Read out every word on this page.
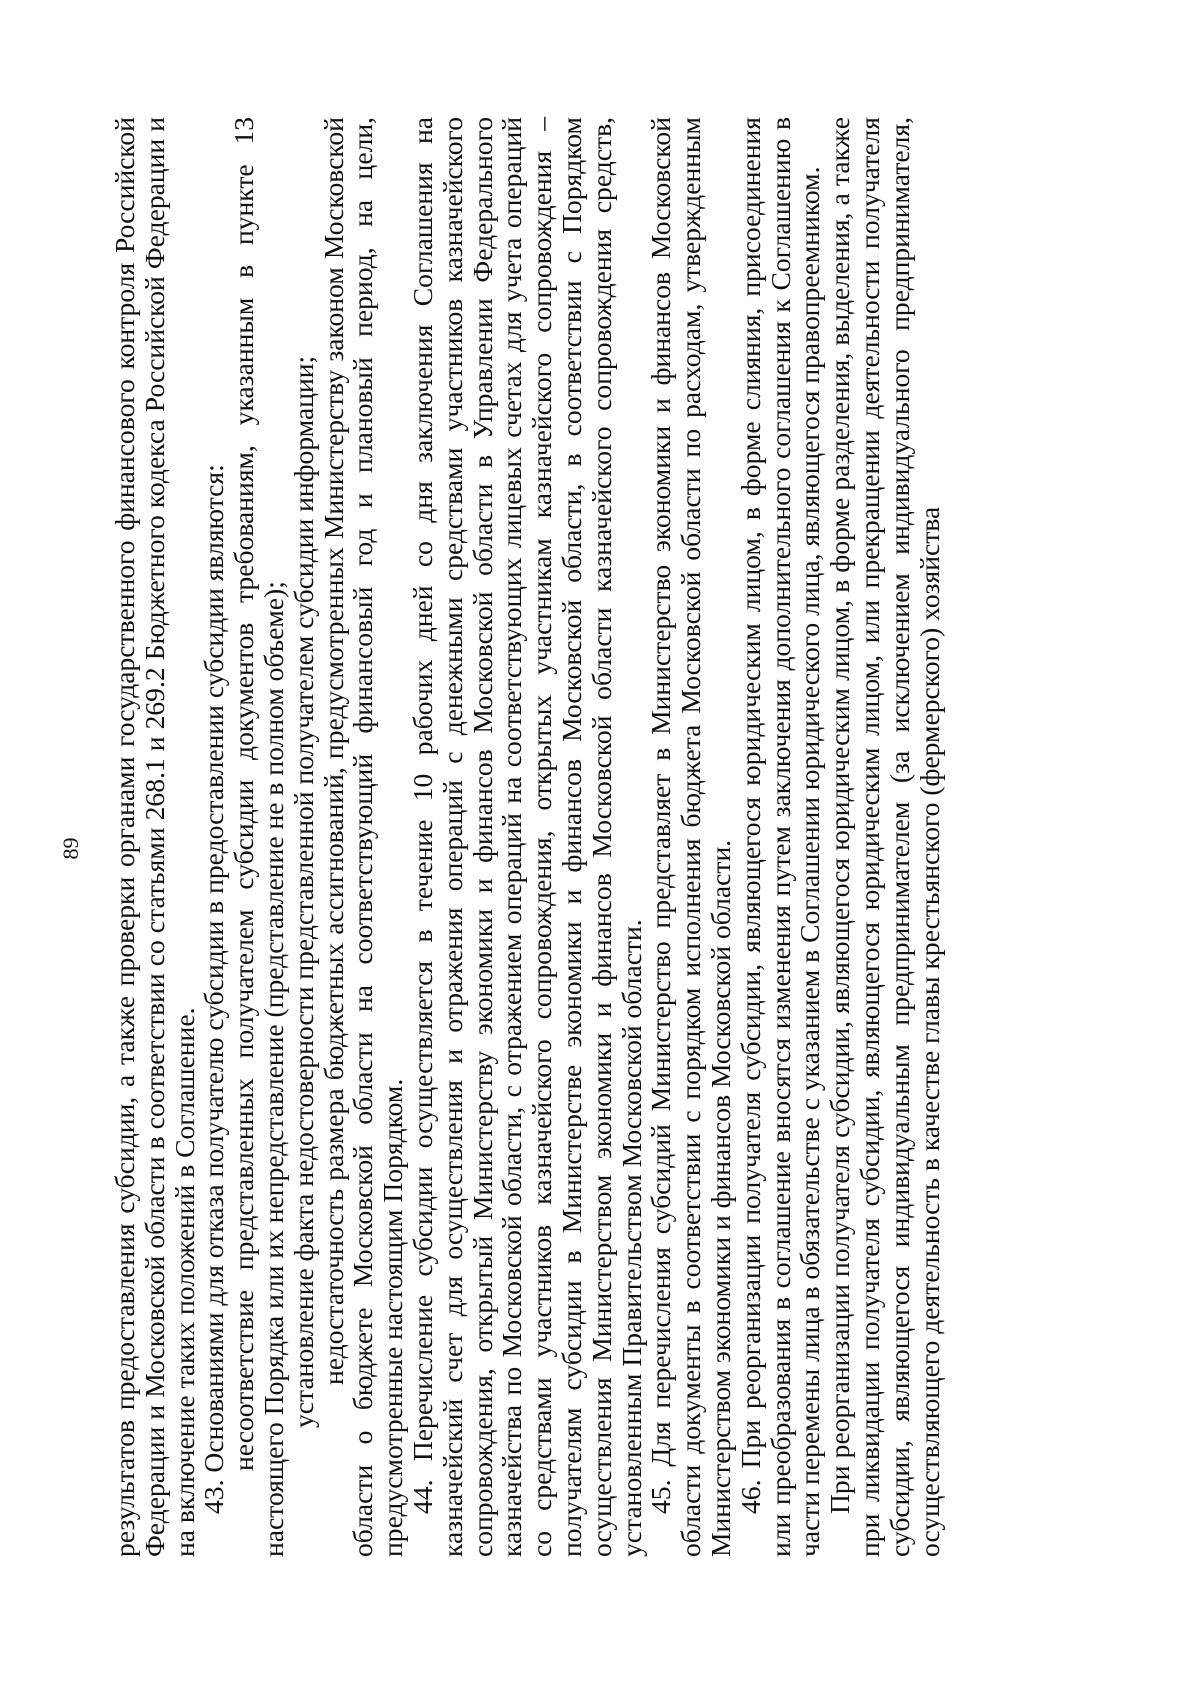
89 результатов предоставления субсидии, а также проверки органами государственного финансового контроля Российской Федерации и Московской области в соответствии со статьями 268.1 и 269.2 Бюджетного кодекса Российской Федерации и на включение таких положений в Соглашение.

43. Основаниями для отказа получателю субсидии в предоставлении субсидии являются:

несоответствие представленных получателем субсидии документов требованиям, указанным в пункте 13 настоящего Порядка или их непредставление (представление не в полном объеме);

установление факта недостоверности представленной получателем субсидии информации;

недостаточность размера бюджетных ассигнований, предусмотренных Министерству законом Московской области о бюджете Московской области на соответствующий финансовый год и плановый период, на цели, предусмотренные настоящим Порядком.

44. Перечисление субсидии осуществляется в течение 10 рабочих дней со дня заключения Соглашения на казначейский счет для осуществления и отражения операций с денежными средствами участников казначейского сопровождения, открытый Министерству экономики и финансов Московской области в Управлении Федерального казначейства по Московской области, с отражением операций на соответствующих лицевых счетах для учета операций со средствами участников казначейского сопровождения, открытых участникам казначейского сопровождения – получателям субсидии в Министерстве экономики и финансов Московской области, в соответствии с Порядком осуществления Министерством экономики и финансов Московской области казначейского сопровождения средств, установленным Правительством Московской области.

45. Для перечисления субсидий Министерство представляет в Министерство экономики и финансов Московской области документы в соответствии с порядком исполнения бюджета Московской области по расходам, утвержденным Министерством экономики и финансов Московской области.

46. При реорганизации получателя субсидии, являющегося юридическим лицом, в форме слияния, присоединения или преобразования в соглашение вносятся изменения путем заключения дополнительного соглашения к Соглашению в части перемены лица в обязательстве с указанием в Соглашении юридического лица, являющегося правопреемником.

При реорганизации получателя субсидии, являющегося юридическим лицом, в форме разделения, выделения, а также при ликвидации получателя субсидии, являющегося юридическим лицом, или прекращении деятельности получателя субсидии, являющегося индивидуальным предпринимателем (за исключением индивидуального предпринимателя, осуществляющего деятельность в качестве главы крестьянского (фермерского) хозяйства
